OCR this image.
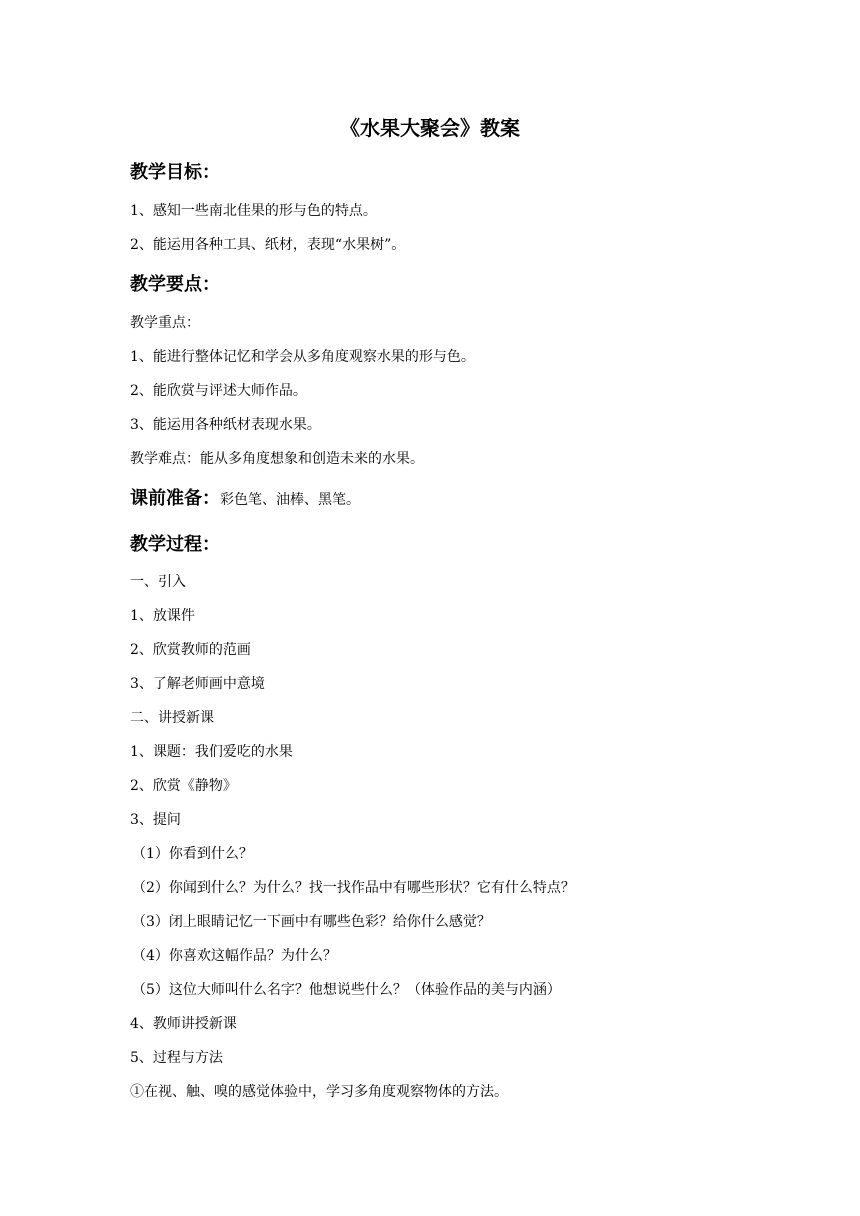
《水果大聚会》教案
教学目标：

1、感知一些南北佳果的形与色的特点。

2、能运用各种工具、纸材，表现“水果树”。

教学要点：

教学重点：

1、能进行整体记忆和学会从多角度观察水果的形与色。

2、能欣赏与评述大师作品。

3、能运用各种纸材表现水果。

教学难点：能从多角度想象和创造未来的水果。

课前准备：彩色笔、油棒、黑笔。
教学过程：

一、引入

1、放课件

2、欣赏教师的范画

3、了解老师画中意境

二、讲授新课

1、课题：我们爱吃的水果

2、欣赏《静物》

3、提问

（1）你看到什么？

（2）你闻到什么？为什么？找一找作品中有哪些形状？它有什么特点？

（3）闭上眼睛记忆一下画中有哪些色彩？给你什么感觉？

（4）你喜欢这幅作品？为什么？

（5）这位大师叫什么名字？他想说些什么？（体验作品的美与内涵）

4、教师讲授新课

5、过程与方法

①在视、触、嗅的感觉体验中，学习多角度观察物体的方法。
